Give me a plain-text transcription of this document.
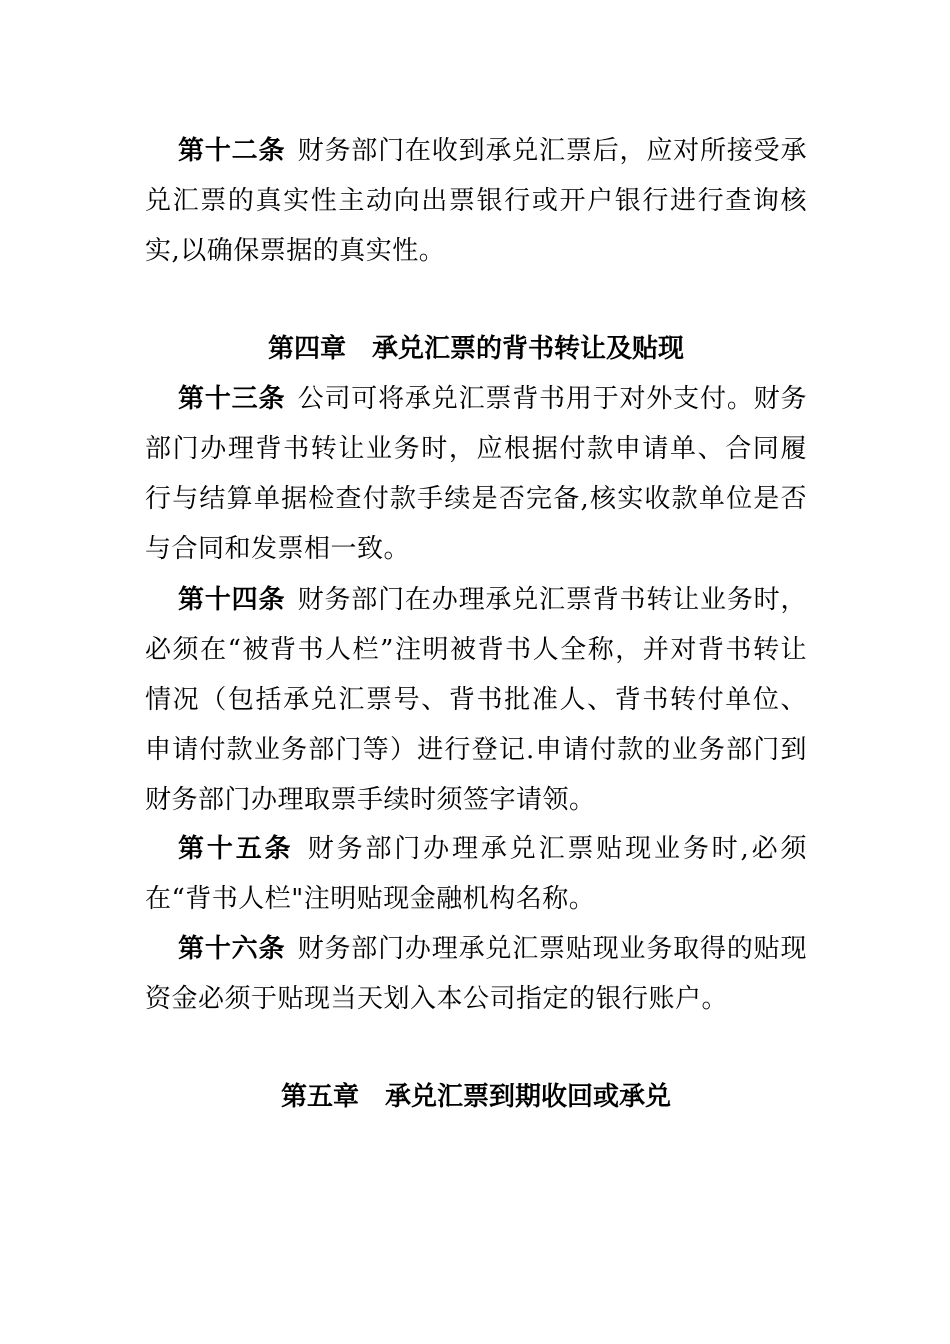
第十二条 财务部门在收到承兑汇票后，应对所接受承兑汇票的真实性主动向出票银行或开户银行进行查询核实,以确保票据的真实性。

第四章 承兑汇票的背书转让及贴现

第十三条 公司可将承兑汇票背书用于对外支付。财务部门办理背书转让业务时，应根据付款申请单、合同履行与结算单据检查付款手续是否完备,核实收款单位是否与合同和发票相一致。

第十四条 财务部门在办理承兑汇票背书转让业务时，必须在“被背书人栏”注明被背书人全称，并对背书转让情况（包括承兑汇票号、背书批准人、背书转付单位、申请付款业务部门等）进行登记.申请付款的业务部门到财务部门办理取票手续时须签字请领。

第十五条 财务部门办理承兑汇票贴现业务时,必须在“背书人栏"注明贴现金融机构名称。

第十六条 财务部门办理承兑汇票贴现业务取得的贴现资金必须于贴现当天划入本公司指定的银行账户。

第五章 承兑汇票到期收回或承兑
